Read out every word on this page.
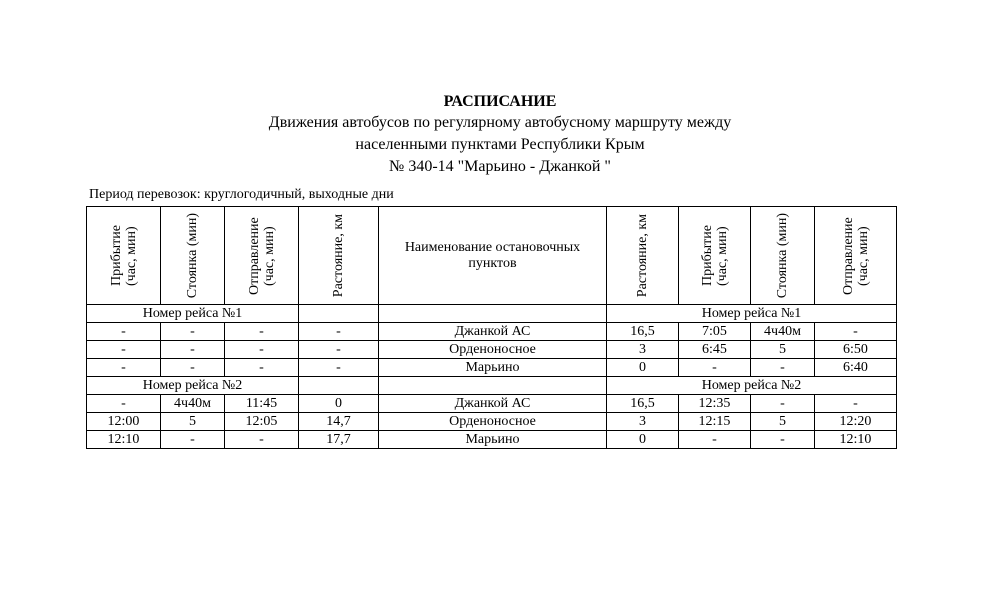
РАСПИСАНИЕ
Движения автобусов по регулярному автобусному маршруту между
населенными пунктами Республики Крым
№ 340-14 "Марьино - Джанкой "
Период перевозок: круглогодичный, выходные дни
Прибытие (час, мин)	Стоянка (мин)	Отправление (час, мин)	Растояние, км	Наименование остановочных пунктов	Растояние, км	Прибытие (час, мин)	Стоянка (мин)	Отправление (час, мин)

Номер рейса №1					Номер рейса №1			
-	-	-	-	Джанкой АС	16,5	7:05	4ч40м	-
-	-	-	-	Орденоносное	3	6:45	5	6:50
-	-	-	-	Марьино	0	-	-	6:40
Номер рейса №2					Номер рейса №2			
-	4ч40м	11:45	0	Джанкой АС	16,5	12:35	-	-
12:00	5	12:05	14,7	Орденоносное	3	12:15	5	12:20
12:10	-	-	17,7	Марьино	0	-	-	12:10
